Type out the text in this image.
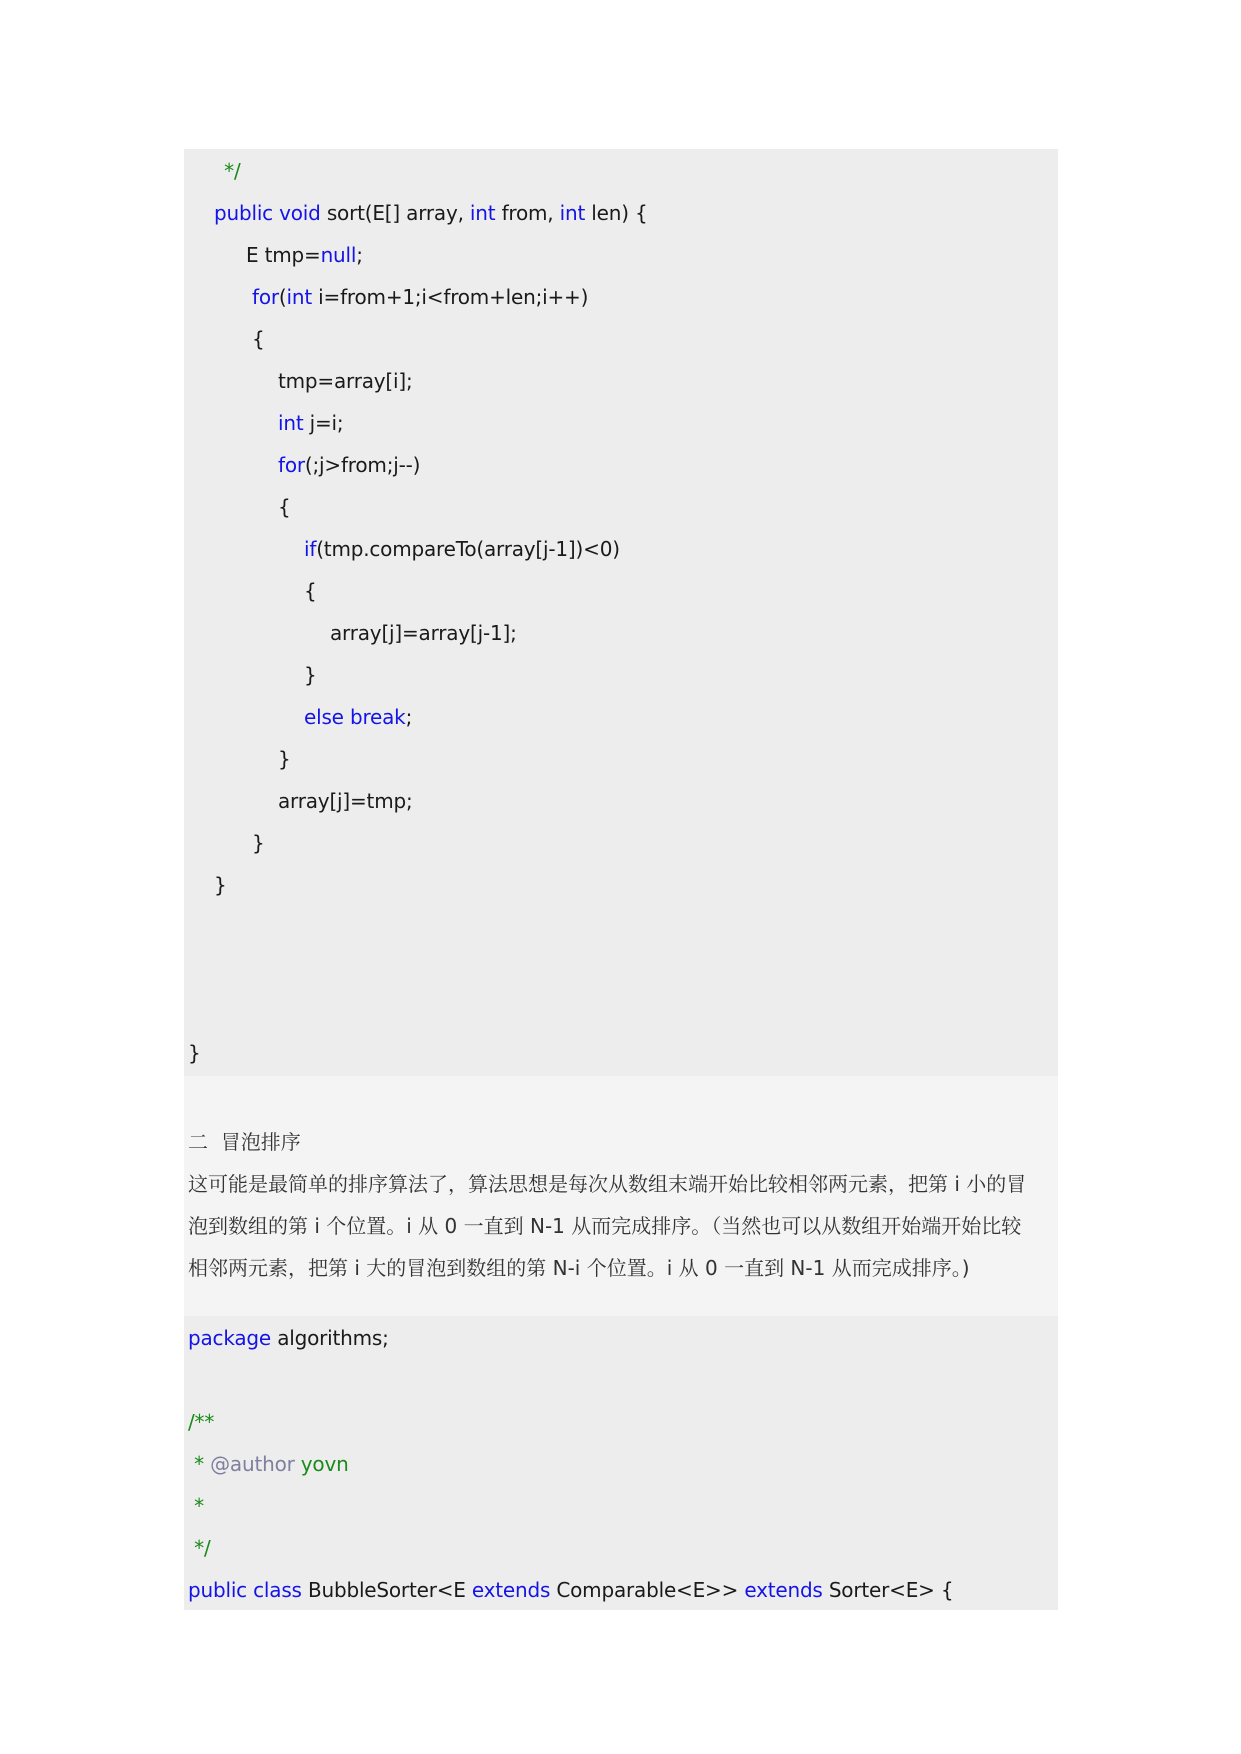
*/
public void sort(E[] array, int from, int len) {
E tmp=null;
for(int i=from+1;i<from+len;i++)
{
tmp=array[i];
int j=i;
for(;j>from;j--)
{
if(tmp.compareTo(array[j-1])<0)
{
array[j]=array[j-1];
}
else break;
}
array[j]=tmp;
}
}
}
二  冒泡排序
这可能是最简单的排序算法了，算法思想是每次从数组末端开始比较相邻两元素，把第 i 小的冒
泡到数组的第 i 个位置。i 从 0 一直到 N-1 从而完成排序。（当然也可以从数组开始端开始比较
相邻两元素，把第 i 大的冒泡到数组的第 N-i 个位置。i 从 0 一直到 N-1 从而完成排序。)
package algorithms;
/**
* @author yovn
*
*/
public class BubbleSorter<E extends Comparable<E>> extends Sorter<E> {
